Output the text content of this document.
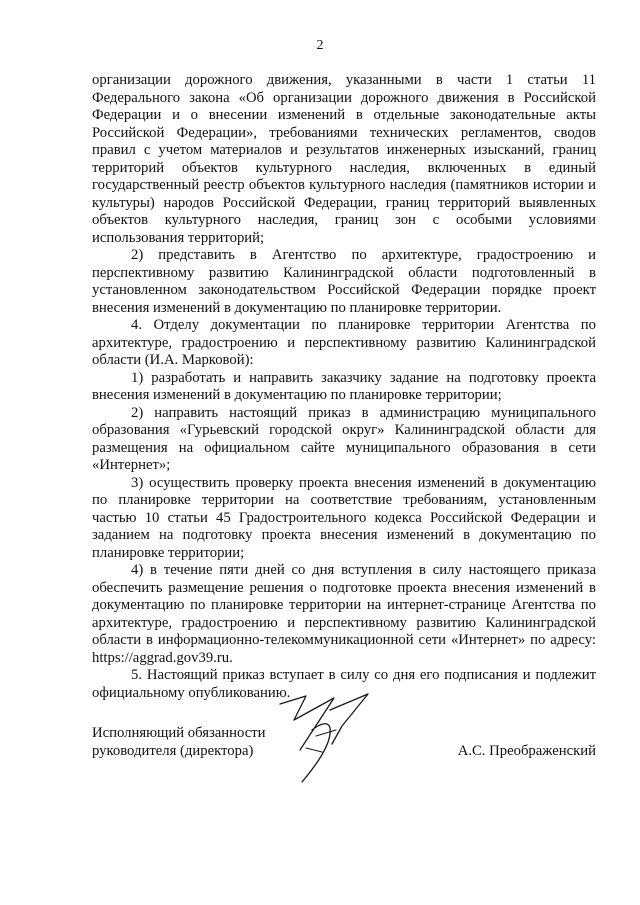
2

организации дорожного движения, указанными в части 1 статьи 11 Федерального закона «Об организации дорожного движения в Российской Федерации и о внесении изменений в отдельные законодательные акты Российской Федерации», требованиями технических регламентов, сводов правил с учетом материалов и результатов инженерных изысканий, границ территорий объектов культурного наследия, включенных в единый государственный реестр объектов культурного наследия (памятников истории и культуры) народов Российской Федерации, границ территорий выявленных объектов культурного наследия, границ зон с особыми условиями использования территорий;

2) представить в Агентство по архитектуре, градостроению и перспективному развитию Калининградской области подготовленный в установленном законодательством Российской Федерации порядке проект внесения изменений в документацию по планировке территории.

4. Отделу документации по планировке территории Агентства по архитектуре, градостроению и перспективному развитию Калининградской области (И.А. Марковой):

1) разработать и направить заказчику задание на подготовку проекта внесения изменений в документацию по планировке территории;

2) направить настоящий приказ в администрацию муниципального образования «Гурьевский городской округ» Калининградской области для размещения на официальном сайте муниципального образования в сети «Интернет»;

3) осуществить проверку проекта внесения изменений в документацию по планировке территории на соответствие требованиям, установленным частью 10 статьи 45 Градостроительного кодекса Российской Федерации и заданием на подготовку проекта внесения изменений в документацию по планировке территории;

4) в течение пяти дней со дня вступления в силу настоящего приказа обеспечить размещение решения о подготовке проекта внесения изменений в документацию по планировке территории на интернет-странице Агентства по архитектуре, градостроению и перспективному развитию Калининградской области в информационно-телекоммуникационной сети «Интернет» по адресу: https://aggrad.gov39.ru.

5. Настоящий приказ вступает в силу со дня его подписания и подлежит официальному опубликованию.

Исполняющий обязанности
руководителя (директора)	А.С. Преображенский
